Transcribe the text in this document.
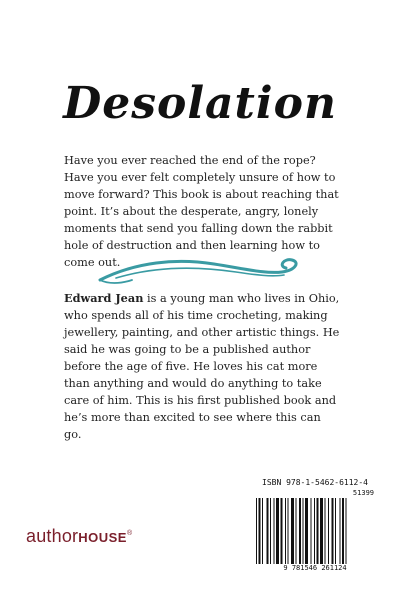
Desolation

Have you ever reached the end of the rope? Have you ever felt completely unsure of how to move forward? This book is about reaching that point. It’s about the desperate, angry, lonely moments that send you falling down the rabbit hole of destruction and then learning how to come out.

Edward Jean is a young man who lives in Ohio, who spends all of his time crocheting, making jewellery, painting, and other artistic things. He said he was going to be a published author before the age of five. He loves his cat more than anything and would do anything to take care of him. This is his first published book and he’s more than excited to see where this can go.

authorHOUSE®
ISBN 978-1-5462-6112-4
51399
9 781546 261124
